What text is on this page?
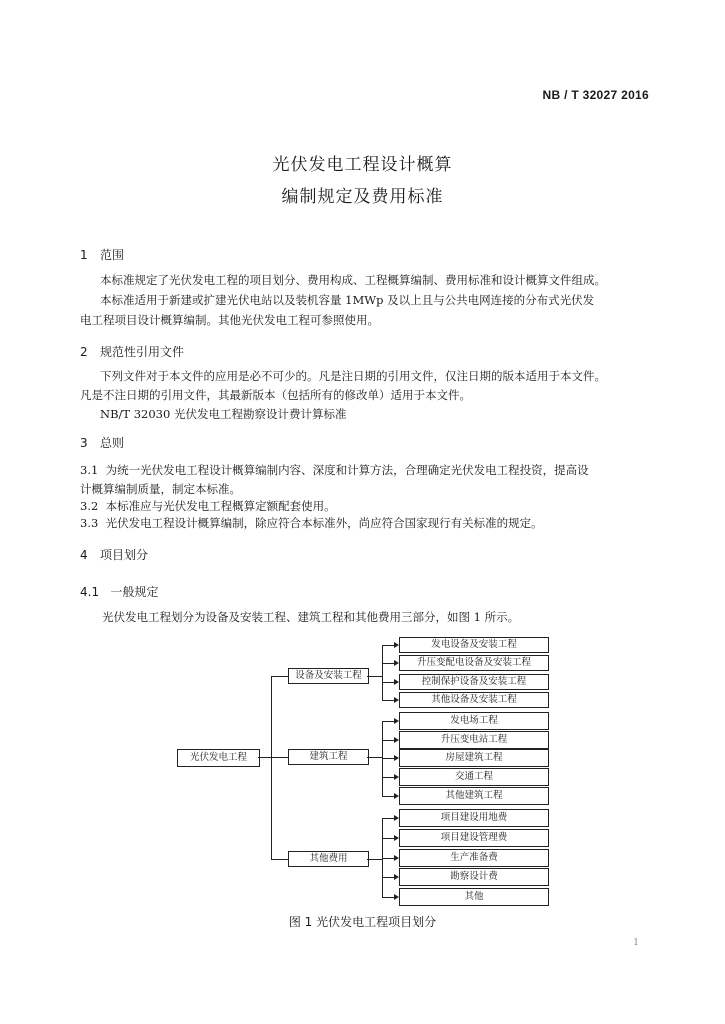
NB / T 32027 2016
光伏发电工程设计概算
编制规定及费用标准
1 范围
本标准规定了光伏发电工程的项目划分、费用构成、工程概算编制、费用标准和设计概算文件组成。
本标准适用于新建或扩建光伏电站以及装机容量 1MWp 及以上且与公共电网连接的分布式光伏发
电工程项目设计概算编制。其他光伏发电工程可参照使用。
2 规范性引用文件
下列文件对于本文件的应用是必不可少的。凡是注日期的引用文件，仅注日期的版本适用于本文件。
凡是不注日期的引用文件，其最新版本（包括所有的修改单）适用于本文件。
NB/T 32030 光伏发电工程勘察设计费计算标准
3 总则
3.1 为统一光伏发电工程设计概算编制内容、深度和计算方法，合理确定光伏发电工程投资，提高设
计概算编制质量，制定本标准。
3.2 本标准应与光伏发电工程概算定额配套使用。
3.3 光伏发电工程设计概算编制，除应符合本标准外，尚应符合国家现行有关标准的规定。
4 项目划分
4.1 一般规定
光伏发电工程划分为设备及安装工程、建筑工程和其他费用三部分，如图 1 所示。
光伏发电工程
设备及安装工程
发电设备及安装工程
升压变配电设备及安装工程
控制保护设备及安装工程
其他设备及安装工程
建筑工程
发电场工程
升压变电站工程
房屋建筑工程
交通工程
其他建筑工程
其他费用
项目建设用地费
项目建设管理费
生产准备费
勘察设计费
其他
图 1 光伏发电工程项目划分
1
